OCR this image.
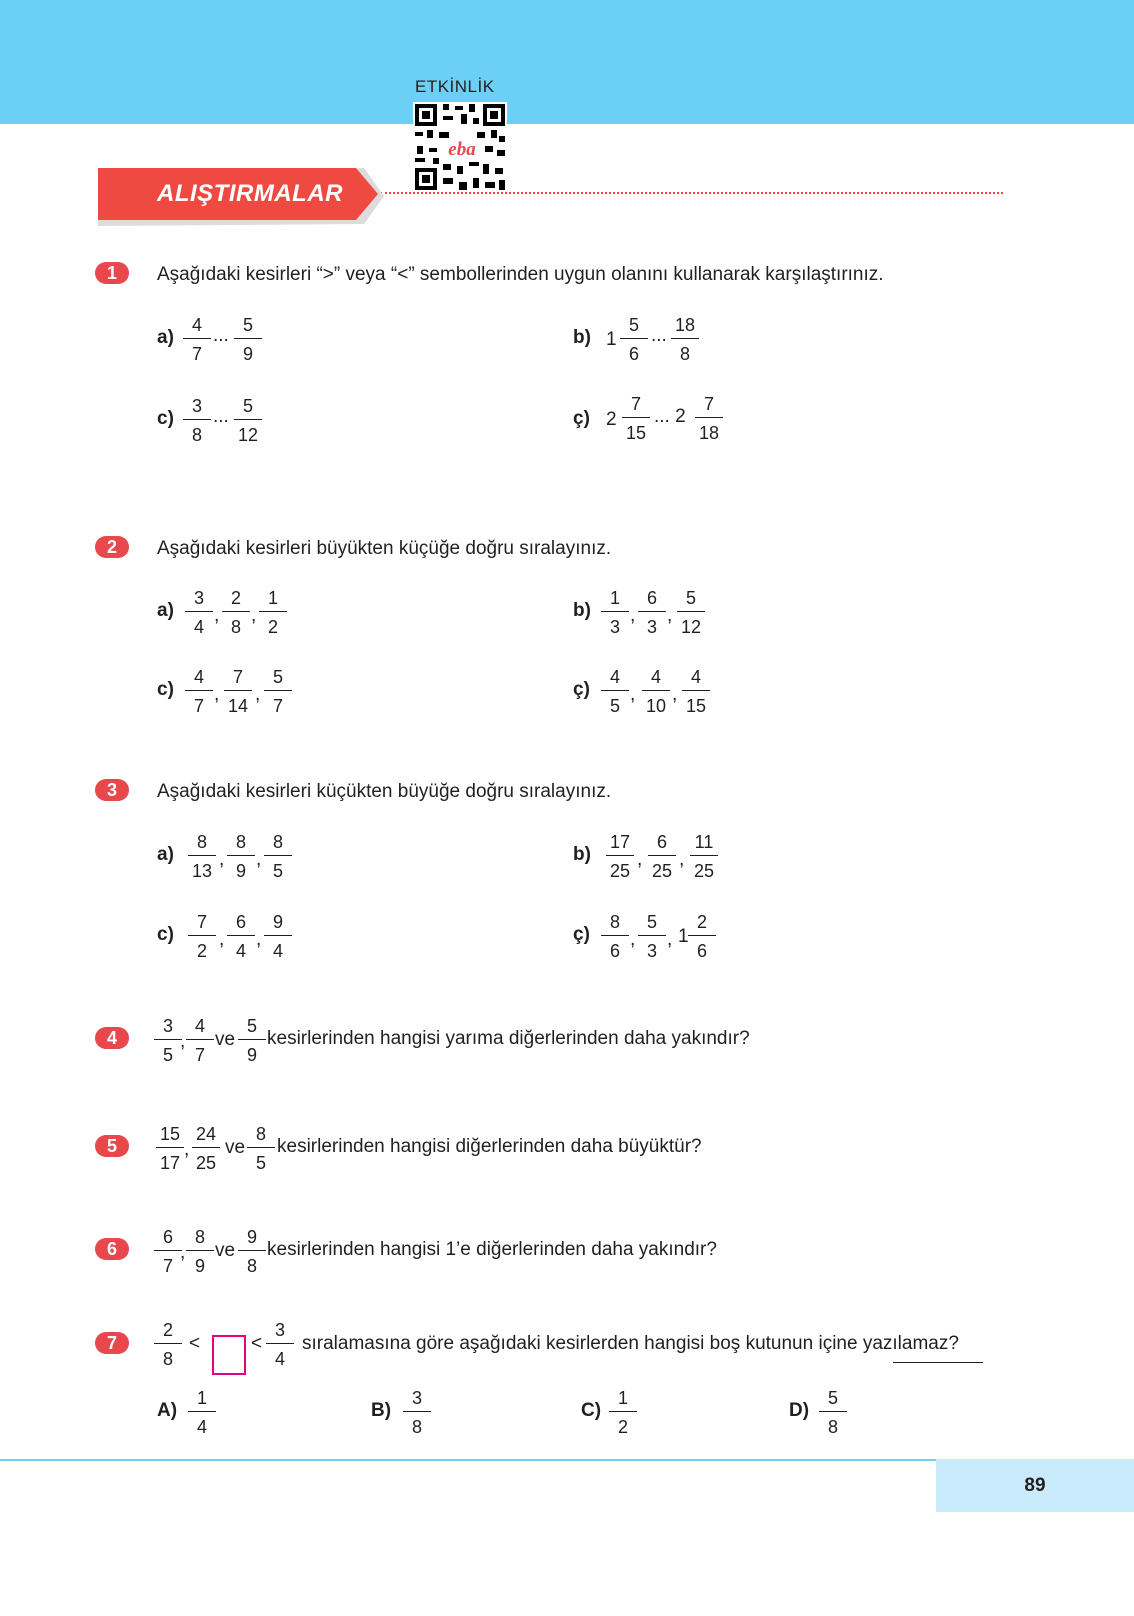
ETKİNLİK
eba
ALIŞTIRMALAR
1	Aşağıdaki kesirleri “>” veya “<” sembollerinden uygun olanını kullanarak karşılaştırınız.
a)
4
7
... 5
9
b) 1
5
6
... 18
8
c)
3
8
... 5
12
ç) 2
7
15
... 2
7
18
2	Aşağıdaki kesirleri büyükten küçüğe doğru sıralayınız.
a)
3
4
,
2
8
,
1
2
b)
1
3
,
6
3
,
5
12
c)
4
7
,
7
14
,
5
7
ç)
4
5
,
4
10
,
4
15
3	Aşağıdaki kesirleri küçükten büyüğe doğru sıralayınız.
a)
8
13
,
8
9
,
8
5
b)
17
25
,
6
25
,
11
25
c)
7
2
,
6
4
,
9
4
ç)
8
6
,
5
3
, 1
2
6
4
3
5
,
4
7
ve
5
9
kesirlerinden hangisi yarıma diğerlerinden daha yakındır?
5
15
17
,
24
25
ve
8
5
kesirlerinden hangisi diğerlerinden daha büyüktür?
6
6
7
,
8
9
ve
9
8
kesirlerinden hangisi 1’e diğerlerinden daha yakındır?
7
2
8
<	<
3
4
sıralamasına göre aşağıdaki kesirlerden hangisi boş kutunun içine yazılamaz?
A)
1
4
B)
3
8
C)
1
2
D)
5
8
89
